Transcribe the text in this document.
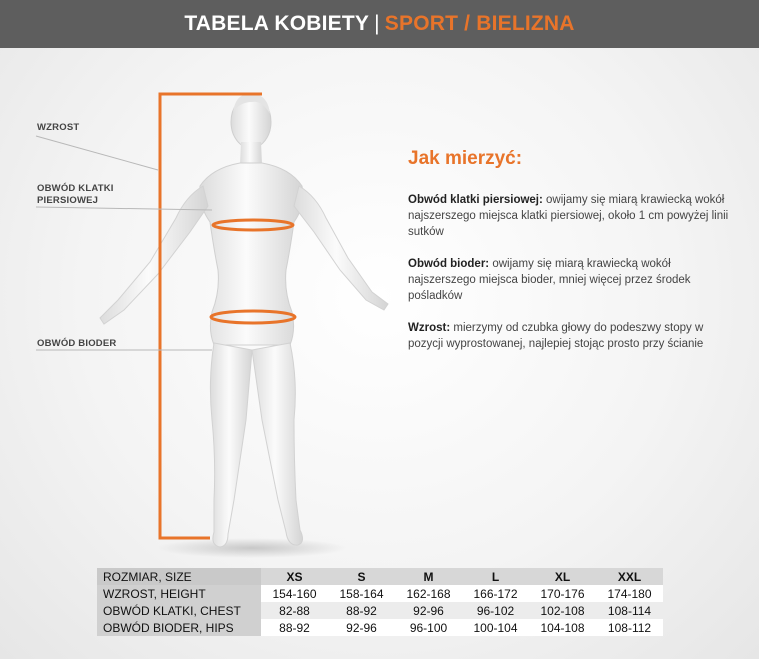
TABELA KOBIETY | SPORT / BIELIZNA
WZROST
OBWÓD KLATKI
PIERSIOWEJ
OBWÓD BIODER
Jak mierzyć:
Obwód klatki piersiowej: owijamy się miarą krawiecką wokół najszerszego miejsca klatki piersiowej, około 1 cm powyżej linii sutków
Obwód bioder: owijamy się miarą krawiecką wokół najszerszego miejsca bioder, mniej więcej przez środek pośladków
Wzrost: mierzymy od czubka głowy do podeszwy stopy w pozycji wyprostowanej, najlepiej stojąc prosto przy ścianie
ROZMIAR, SIZE	XS	S	M	L	XL	XXL
WZROST, HEIGHT	154-160	158-164	162-168	166-172	170-176	174-180
OBWÓD KLATKI, CHEST	82-88	88-92	92-96	96-102	102-108	108-114
OBWÓD BIODER, HIPS	88-92	92-96	96-100	100-104	104-108	108-112
